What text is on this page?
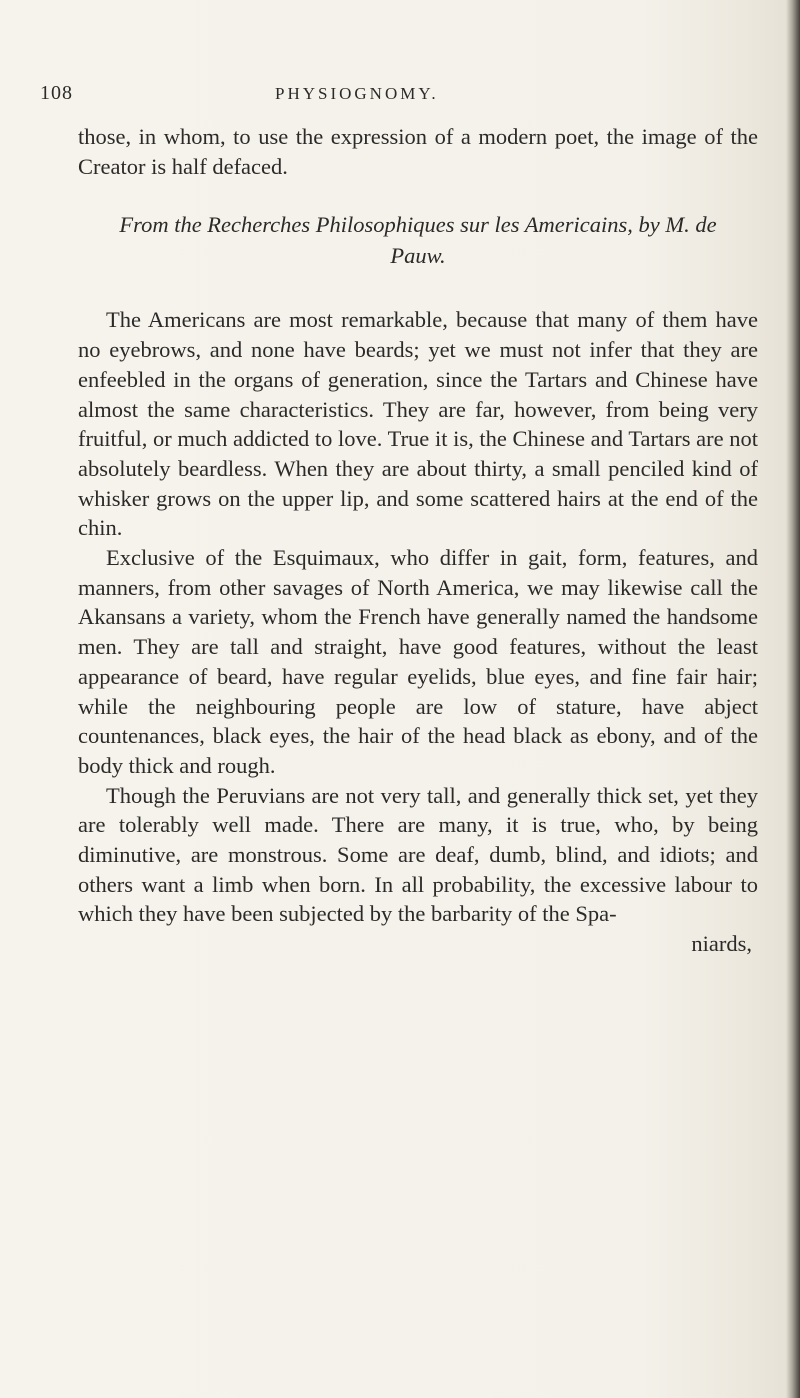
108	PHYSIOGNOMY.

those, in whom, to use the expression of a modern poet, the image of the Creator is half defaced.

From the Recherches Philosophiques sur les Americains, by M. de Pauw.

The Americans are most remarkable, because that many of them have no eyebrows, and none have beards; yet we must not infer that they are enfeebled in the organs of generation, since the Tartars and Chinese have almost the same characteristics. They are far, however, from being very fruitful, or much addicted to love. True it is, the Chinese and Tartars are not absolutely beardless. When they are about thirty, a small penciled kind of whisker grows on the upper lip, and some scattered hairs at the end of the chin.

Exclusive of the Esquimaux, who differ in gait, form, features, and manners, from other savages of North America, we may likewise call the Akansans a variety, whom the French have generally named the handsome men. They are tall and straight, have good features, without the least appearance of beard, have regular eyelids, blue eyes, and fine fair hair; while the neighbouring people are low of stature, have abject countenances, black eyes, the hair of the head black as ebony, and of the body thick and rough.

Though the Peruvians are not very tall, and generally thick set, yet they are tolerably well made. There are many, it is true, who, by being diminutive, are monstrous. Some are deaf, dumb, blind, and idiots; and others want a limb when born. In all probability, the excessive labour to which they have been subjected by the barbarity of the Spa-

niards,
